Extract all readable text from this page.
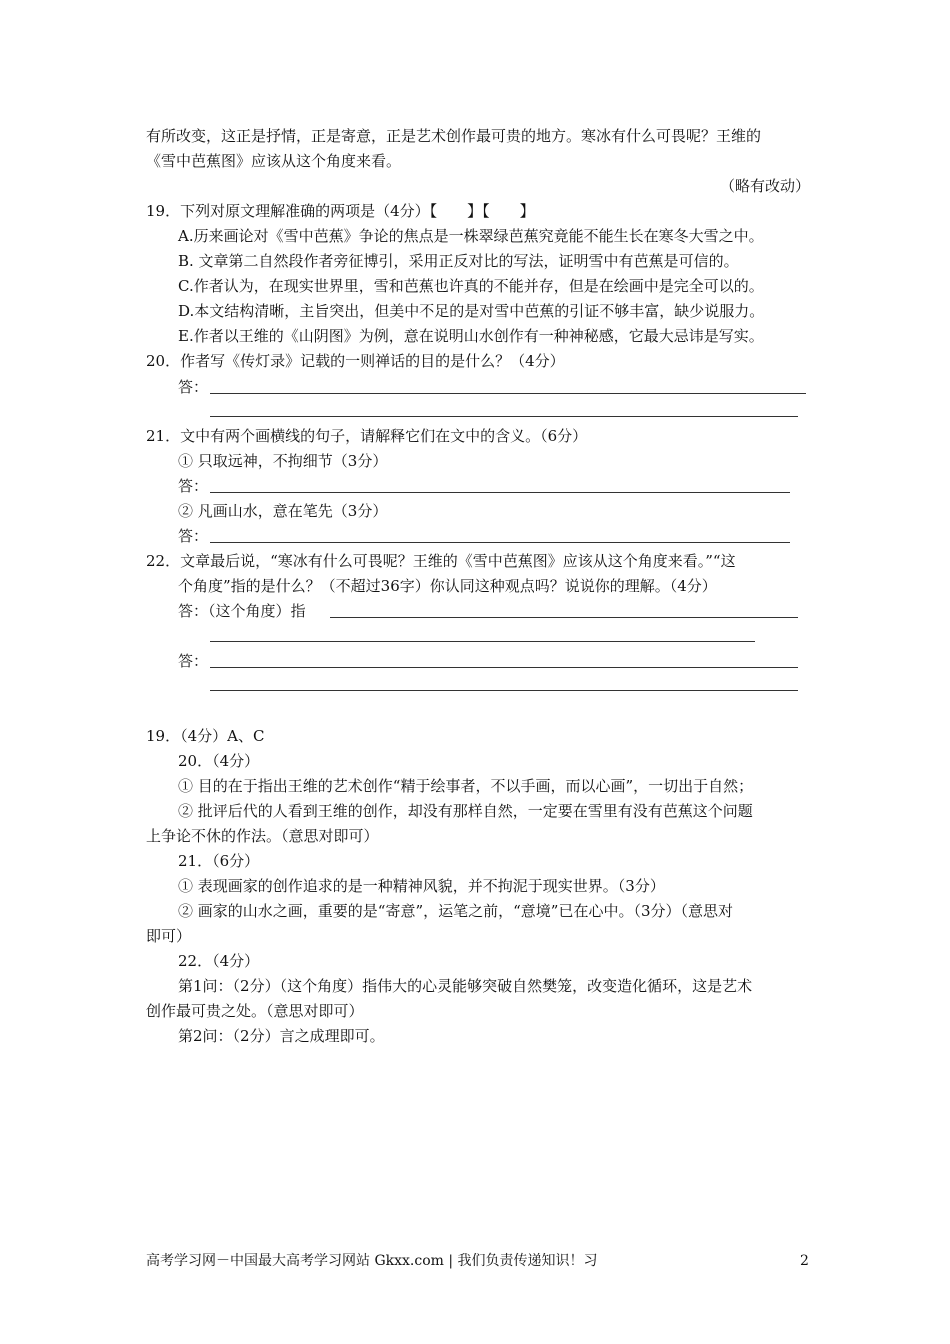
有所改变，这正是抒情，正是寄意，正是艺术创作最可贵的地方。寒冰有什么可畏呢？王维的
《雪中芭蕉图》应该从这个角度来看。
（略有改动）
19．下列对原文理解准确的两项是（4分）【　　】【　　】
A.历来画论对《雪中芭蕉》争论的焦点是一株翠绿芭蕉究竟能不能生长在寒冬大雪之中。
B. 文章第二自然段作者旁征博引，采用正反对比的写法，证明雪中有芭蕉是可信的。
C.作者认为，在现实世界里，雪和芭蕉也许真的不能并存，但是在绘画中是完全可以的。
D.本文结构清晰，主旨突出，但美中不足的是对雪中芭蕉的引证不够丰富，缺少说服力。
E.作者以王维的《山阴图》为例，意在说明山水创作有一种神秘感，它最大忌讳是写实。
20．作者写《传灯录》记载的一则禅话的目的是什么？（4分）
答：
21．文中有两个画横线的句子，请解释它们在文中的含义。（6分）
① 只取远神，不拘细节（3分）
答：
② 凡画山水，意在笔先（3分）
答：
22．文章最后说，“寒冰有什么可畏呢？王维的《雪中芭蕉图》应该从这个角度来看。”“这
个角度”指的是什么？（不超过36字）你认同这种观点吗？说说你的理解。（4分）
答：（这个角度）指
答：
19．（4分）A、C
20．（4分）
① 目的在于指出王维的艺术创作“精于绘事者，不以手画，而以心画”，一切出于自然；
② 批评后代的人看到王维的创作，却没有那样自然，一定要在雪里有没有芭蕉这个问题
上争论不休的作法。（意思对即可）
21．（6分）
① 表现画家的创作追求的是一种精神风貌，并不拘泥于现实世界。（3分）
② 画家的山水之画，重要的是“寄意”，运笔之前，“意境”已在心中。（3分）（意思对
即可）
22．（4分）
第1问：（2分）（这个角度）指伟大的心灵能够突破自然樊笼，改变造化循环，这是艺术
创作最可贵之处。（意思对即可）
第2问：（2分）言之成理即可。
高考学习网－中国最大高考学习网站 Gkxx.com | 我们负责传递知识！习	2
